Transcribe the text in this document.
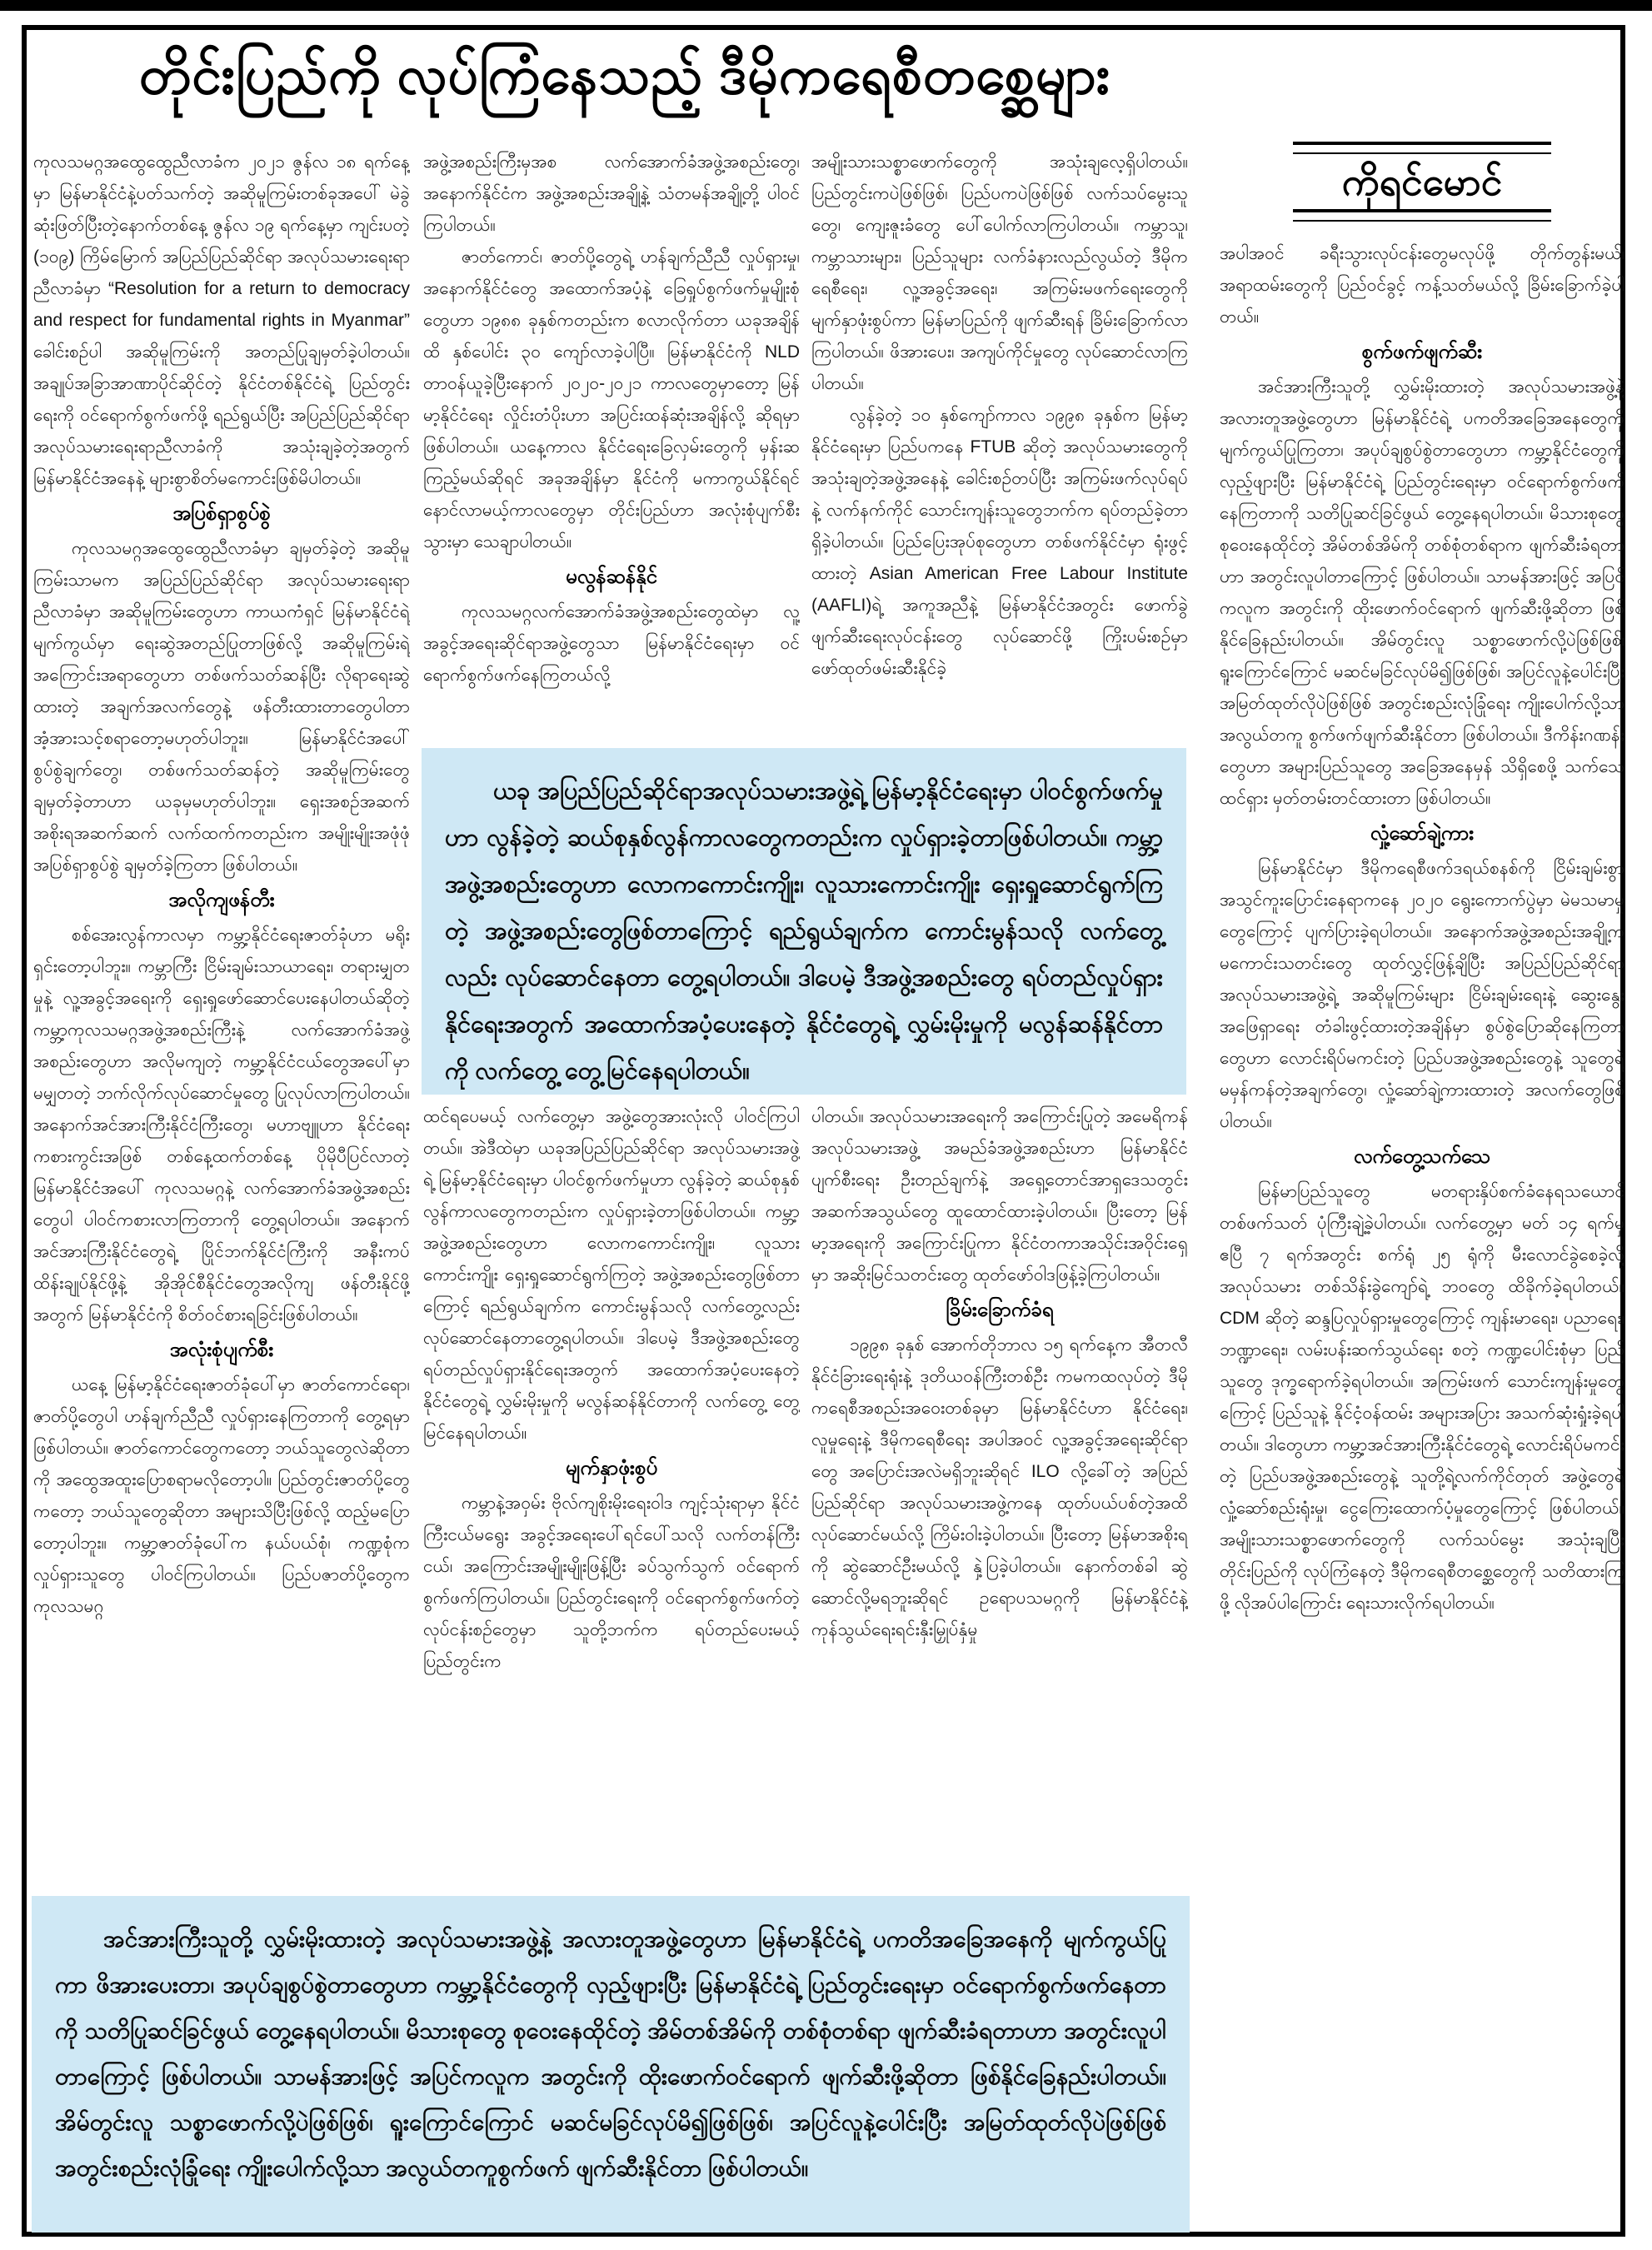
တိုင်းပြည်ကို လုပ်ကြံနေသည့် ဒီမိုကရေစီတစ္ဆေများ
ကုလသမဂ္ဂအထွေထွေညီလာခံက ၂၀၂၁ ဇွန်လ ၁၈ ရက်နေ့မှာ မြန်မာနိုင်ငံနဲ့ပတ်သက်တဲ့ အဆိုမူကြမ်းတစ်ခုအပေါ် မဲခွဲဆုံးဖြတ်ပြီးတဲ့နောက်တစ်နေ့ ဇွန်လ ၁၉ ရက်နေ့မှာ ကျင်းပတဲ့ (၁၀၉) ကြိမ်မြောက် အပြည်ပြည်ဆိုင်ရာ အလုပ်သမားရေးရာညီလာခံမှာ “Resolution for a return to democracy and respect for fundamental rights in Myanmar” ခေါင်းစဉ်ပါ အဆိုမူကြမ်းကို အတည်ပြုချမှတ်ခဲ့ပါတယ်။ အချုပ်အခြာအာဏာပိုင်ဆိုင်တဲ့ နိုင်ငံတစ်နိုင်ငံရဲ့ ပြည်တွင်းရေးကို ဝင်ရောက်စွက်ဖက်ဖို့ ရည်ရွယ်ပြီး အပြည်ပြည်ဆိုင်ရာ အလုပ်သမားရေးရာညီလာခံကို အသုံးချခဲ့တဲ့အတွက် မြန်မာနိုင်ငံအနေနဲ့ များစွာစိတ်မကောင်းဖြစ်မိပါတယ်။
အပြစ်ရှာစွပ်စွဲ
ကုလသမဂ္ဂအထွေထွေညီလာခံမှာ ချမှတ်ခဲ့တဲ့ အဆိုမူကြမ်းသာမက အပြည်ပြည်ဆိုင်ရာ အလုပ်သမားရေးရာညီလာခံမှာ အဆိုမူကြမ်းတွေဟာ ကာယကံရှင် မြန်မာနိုင်ငံရဲ့မျက်ကွယ်မှာ ရေးဆွဲအတည်ပြုတာဖြစ်လို့ အဆိုမူကြမ်းရဲ့ အကြောင်းအရာတွေဟာ တစ်ဖက်သတ်ဆန်ပြီး လိုရာရေးဆွဲထားတဲ့ အချက်အလက်တွေနဲ့ ဖန်တီးထားတာတွေပါတာ အံ့အားသင့်စရာတော့မဟုတ်ပါဘူး။ မြန်မာနိုင်ငံအပေါ် စွပ်စွဲချက်တွေ၊ တစ်ဖက်သတ်ဆန်တဲ့ အဆိုမူကြမ်းတွေ ချမှတ်ခဲ့တာဟာ ယခုမှမဟုတ်ပါဘူး။ ရှေးအစဉ်အဆက် အစိုးရအဆက်ဆက် လက်ထက်ကတည်းက အမျိုးမျိုးအဖုံဖုံ အပြစ်ရှာစွပ်စွဲ ချမှတ်ခဲ့ကြတာ ဖြစ်ပါတယ်။
အလိုကျဖန်တီး
စစ်အေးလွန်ကာလမှာ ကမ္ဘာ့နိုင်ငံရေးဇာတ်ခုံဟာ မရိုးရှင်းတော့ပါဘူး။ ကမ္ဘာကြီး ငြိမ်းချမ်းသာယာရေး၊ တရားမျှတမှုနဲ့ လူ့အခွင့်အရေးကို ရှေးရှုဖော်ဆောင်ပေးနေပါတယ်ဆိုတဲ့ ကမ္ဘာ့ကုလသမဂ္ဂအဖွဲ့အစည်းကြီးနဲ့ လက်အောက်ခံအဖွဲ့အစည်းတွေဟာ အလိုမကျတဲ့ ကမ္ဘာ့နိုင်ငံငယ်တွေအပေါ်မှာ မမျှတတဲ့ ဘက်လိုက်လုပ်ဆောင်မှုတွေ ပြုလုပ်လာကြပါတယ်။ အနောက်အင်အားကြီးနိုင်ငံကြီးတွေ၊ မဟာဗျူဟာ နိုင်ငံရေးကစားကွင်းအဖြစ် တစ်နေ့ထက်တစ်နေ့ ပိုမိုပီပြင်လာတဲ့ မြန်မာနိုင်ငံအပေါ် ကုလသမဂ္ဂနဲ့ လက်အောက်ခံအဖွဲ့အစည်းတွေပါ ပါဝင်ကစားလာကြတာကို တွေ့ရပါတယ်။ အနောက်အင်အားကြီးနိုင်ငံတွေရဲ့ ပြိုင်ဘက်နိုင်ငံကြီးကို အနီးကပ်ထိန်းချုပ်နိုင်ဖို့နဲ့ အိုအိုင်စီနိုင်ငံတွေအလိုကျ ဖန်တီးနိုင်ဖို့အတွက် မြန်မာနိုင်ငံကို စိတ်ဝင်စားရခြင်းဖြစ်ပါတယ်။
အလုံးစုံပျက်စီး
ယနေ့ မြန်မာ့နိုင်ငံရေးဇာတ်ခုံပေါ်မှာ ဇာတ်ကောင်ရော၊ ဇာတ်ပို့တွေပါ ဟန်ချက်ညီညီ လှုပ်ရှားနေကြတာကို တွေ့ရမှာဖြစ်ပါတယ်။ ဇာတ်ကောင်တွေကတော့ ဘယ်သူတွေလဲဆိုတာကို အထွေအထူးပြောစရာမလိုတော့ပါ။ ပြည်တွင်းဇာတ်ပို့တွေကတော့ ဘယ်သူတွေဆိုတာ အများသိပြီးဖြစ်လို့ ထည့်မပြောတော့ပါဘူး။ ကမ္ဘာ့ဇာတ်ခုံပေါ်က နယ်ပယ်စုံ၊ ကဏ္ဍစုံက လှုပ်ရှားသူတွေ ပါဝင်ကြပါတယ်။ ပြည်ပဇာတ်ပို့တွေက ကုလသမဂ္ဂ
အဖွဲ့အစည်းကြီးမှအစ လက်အောက်ခံအဖွဲ့အစည်းတွေ၊ အနောက်နိုင်ငံက အဖွဲ့အစည်းအချို့နဲ့ သံတမန်အချို့တို့ ပါဝင်ကြပါတယ်။
ဇာတ်ကောင်၊ ဇာတ်ပို့တွေရဲ့ ဟန်ချက်ညီညီ လှုပ်ရှားမှု၊ အနောက်နိုင်ငံတွေ အထောက်အပံ့နဲ့ ခြေရှုပ်စွက်ဖက်မှုမျိုးစုံတွေဟာ ၁၉၈၈ ခုနှစ်ကတည်းက စလာလိုက်တာ ယခုအချိန်ထိ နှစ်ပေါင်း ၃၀ ကျော်လာခဲ့ပါပြီ။ မြန်မာနိုင်ငံကို NLD တာဝန်ယူခဲ့ပြီးနောက် ၂၀၂၀-၂၀၂၁ ကာလတွေမှာတော့ မြန်မာ့နိုင်ငံရေး လှိုင်းတံပိုးဟာ အပြင်းထန်ဆုံးအချိန်လို့ ဆိုရမှာဖြစ်ပါတယ်။ ယနေ့ကာလ နိုင်ငံရေးခြေလှမ်းတွေကို မှန်းဆကြည့်မယ်ဆိုရင် အခုအချိန်မှာ နိုင်ငံကို မကာကွယ်နိုင်ရင် နောင်လာမယ့်ကာလတွေမှာ တိုင်းပြည်ဟာ အလုံးစုံပျက်စီးသွားမှာ သေချာပါတယ်။
မလွန်ဆန်နိုင်
ကုလသမဂ္ဂလက်အောက်ခံအဖွဲ့အစည်းတွေထဲမှာ လူ့အခွင့်အရေးဆိုင်ရာအဖွဲ့တွေသာ မြန်မာနိုင်ငံရေးမှာ ဝင်ရောက်စွက်ဖက်နေကြတယ်လို့
အမျိုးသားသစ္စာဖောက်တွေကို အသုံးချလေ့ရှိပါတယ်။ ပြည်တွင်းကပဲဖြစ်ဖြစ်၊ ပြည်ပကပဲဖြစ်ဖြစ် လက်သပ်မွေးသူတွေ၊ ကျေးဇူးခံတွေ ပေါ်ပေါက်လာကြပါတယ်။ ကမ္ဘာသူ၊ ကမ္ဘာသားများ၊ ပြည်သူများ လက်ခံနားလည်လွယ်တဲ့ ဒီမိုကရေစီရေး၊ လူ့အခွင့်အရေး၊ အကြမ်းမဖက်ရေးတွေကို မျက်နှာဖုံးစွပ်ကာ မြန်မာပြည်ကို ဖျက်ဆီးရန် ခြိမ်းခြောက်လာကြပါတယ်။ ဖိအားပေး၊ အကျပ်ကိုင်မှုတွေ လုပ်ဆောင်လာကြပါတယ်။
လွန်ခဲ့တဲ့ ၁၀ နှစ်ကျော်ကာလ ၁၉၉၈ ခုနှစ်က မြန်မာ့နိုင်ငံရေးမှာ ပြည်ပကနေ FTUB ဆိုတဲ့ အလုပ်သမားတွေကို အသုံးချတဲ့အဖွဲ့အနေနဲ့ ခေါင်းစဉ်တပ်ပြီး အကြမ်းဖက်လုပ်ရပ်နဲ့ လက်နက်ကိုင် သောင်းကျန်းသူတွေဘက်က ရပ်တည်ခဲ့တာ ရှိခဲ့ပါတယ်။ ပြည်ပြေးအုပ်စုတွေဟာ တစ်ဖက်နိုင်ငံမှာ ရုံးဖွင့်ထားတဲ့ Asian American Free Labour Institute (AAFLI)ရဲ့ အကူအညီနဲ့ မြန်မာနိုင်ငံအတွင်း ဖောက်ခွဲဖျက်ဆီးရေးလုပ်ငန်းတွေ လုပ်ဆောင်ဖို့ ကြိုးပမ်းစဉ်မှာ ဖော်ထုတ်ဖမ်းဆီးနိုင်ခဲ့
ထင်ရပေမယ့် လက်တွေ့မှာ အဖွဲ့တွေအားလုံးလို ပါဝင်ကြပါတယ်။ အဲဒီထဲမှာ ယခုအပြည်ပြည်ဆိုင်ရာ အလုပ်သမားအဖွဲ့ရဲ့ မြန်မာ့နိုင်ငံရေးမှာ ပါဝင်စွက်ဖက်မှုဟာ လွန်ခဲ့တဲ့ ဆယ်စုနှစ်လွန်ကာလတွေကတည်းက လှုပ်ရှားခဲ့တာဖြစ်ပါတယ်။ ကမ္ဘာ့အဖွဲ့အစည်းတွေဟာ လောကကောင်းကျိုး၊ လူသားကောင်းကျိုး ရှေးရှုဆောင်ရွက်ကြတဲ့ အဖွဲ့အစည်းတွေဖြစ်တာကြောင့် ရည်ရွယ်ချက်က ကောင်းမွန်သလို လက်တွေ့လည်း လုပ်ဆောင်နေတာတွေ့ရပါတယ်။ ဒါပေမဲ့ ဒီအဖွဲ့အစည်းတွေ ရပ်တည်လှုပ်ရှားနိုင်ရေးအတွက် အထောက်အပံ့ပေးနေတဲ့ နိုင်ငံတွေရဲ့ လွှမ်းမိုးမှုကို မလွန်ဆန်နိုင်တာကို လက်တွေ့ တွေ့မြင်နေရပါတယ်။
မျက်နှာဖုံးစွပ်
ကမ္ဘာနဲ့အဝှမ်း ဗိုလ်ကျစိုးမိုးရေးဝါဒ ကျင့်သုံးရာမှာ နိုင်ငံကြီးငယ်မရွေး အခွင့်အရေးပေါ်ရင်ပေါ်သလို လက်တန်ကြီးငယ်၊ အကြောင်းအမျိုးမျိုးဖြန့်ပြီး ခပ်သွက်သွက် ဝင်ရောက်စွက်ဖက်ကြပါတယ်။ ပြည်တွင်းရေးကို ဝင်ရောက်စွက်ဖက်တဲ့ လုပ်ငန်းစဉ်တွေမှာ သူတို့ဘက်က ရပ်တည်ပေးမယ့် ပြည်တွင်းက
ပါတယ်။ အလုပ်သမားအရေးကို အကြောင်းပြုတဲ့ အမေရိကန်အလုပ်သမားအဖွဲ့ အမည်ခံအဖွဲ့အစည်းဟာ မြန်မာနိုင်ငံပျက်စီးရေး ဦးတည်ချက်နဲ့ အရှေ့တောင်အာရှဒေသတွင်း အဆက်အသွယ်တွေ ထူထောင်ထားခဲ့ပါတယ်။ ပြီးတော့ မြန်မာ့အရေးကို အကြောင်းပြုကာ နိုင်ငံတကာအသိုင်းအဝိုင်းရှေ့မှာ အဆိုးမြင်သတင်းတွေ ထုတ်ဖော်ဝါဒဖြန့်ခဲ့ကြပါတယ်။
ခြိမ်းခြောက်ခံရ
၁၉၉၈ ခုနှစ် အောက်တိုဘာလ ၁၅ ရက်နေ့က အီတလီနိုင်ငံခြားရေးရုံးနဲ့ ဒုတိယဝန်ကြီးတစ်ဦး ကမကထလုပ်တဲ့ ဒီမိုကရေစီအစည်းအဝေးတစ်ခုမှာ မြန်မာနိုင်ငံဟာ နိုင်ငံရေး၊ လူမှုရေးနဲ့ ဒီမိုကရေစီရေး အပါအဝင် လူ့အခွင့်အရေးဆိုင်ရာတွေ အပြောင်းအလဲမရှိဘူးဆိုရင် ILO လို့ခေါ်တဲ့ အပြည်ပြည်ဆိုင်ရာ အလုပ်သမားအဖွဲ့ကနေ ထုတ်ပယ်ပစ်တဲ့အထိ လုပ်ဆောင်မယ်လို့ ကြိမ်းဝါးခဲ့ပါတယ်။ ပြီးတော့ မြန်မာအစိုးရကို ဆွဲဆောင်ဦးမယ်လို့ နှဲ့ပြခဲ့ပါတယ်။ နောက်တစ်ခါ ဆွဲဆောင်လို့မရဘူးဆိုရင် ဥရောပသမဂ္ဂကို မြန်မာနိုင်ငံနဲ့ ကုန်သွယ်ရေးရင်းနှီးမြှုပ်နှံမှု
ကိုရင်မောင်
အပါအဝင် ခရီးသွားလုပ်ငန်းတွေမလုပ်ဖို့ တိုက်တွန်းမယ်၊ အရာထမ်းတွေကို ပြည်ဝင်ခွင့် ကန့်သတ်မယ်လို့ ခြိမ်းခြောက်ခဲ့ပါတယ်။
စွက်ဖက်ဖျက်ဆီး
အင်အားကြီးသူတို့ လွှမ်းမိုးထားတဲ့ အလုပ်သမားအဖွဲ့နဲ့ အလားတူအဖွဲ့တွေဟာ မြန်မာနိုင်ငံရဲ့ ပကတိအခြေအနေတွေကို မျက်ကွယ်ပြုကြတာ၊ အပုပ်ချစွပ်စွဲတာတွေဟာ ကမ္ဘာ့နိုင်ငံတွေကို လှည့်ဖျားပြီး မြန်မာနိုင်ငံရဲ့ ပြည်တွင်းရေးမှာ ဝင်ရောက်စွက်ဖက်နေကြတာကို သတိပြုဆင်ခြင်ဖွယ် တွေ့နေရပါတယ်။ မိသားစုတွေ စုဝေးနေထိုင်တဲ့ အိမ်တစ်အိမ်ကို တစ်စုံတစ်ရာက ဖျက်ဆီးခံရတာဟာ အတွင်းလူပါတာကြောင့် ဖြစ်ပါတယ်။ သာမန်အားဖြင့် အပြင်ကလူက အတွင်းကို ထိုးဖောက်ဝင်ရောက် ဖျက်ဆီးဖို့ဆိုတာ ဖြစ်နိုင်ခြေနည်းပါတယ်။ အိမ်တွင်းလူ သစ္စာဖောက်လို့ပဲဖြစ်ဖြစ်၊ ရူးကြောင်ကြောင် မဆင်မခြင်လုပ်မိ၍ဖြစ်ဖြစ်၊ အပြင်လူနဲ့ပေါင်းပြီး အမြတ်ထုတ်လိုပဲဖြစ်ဖြစ် အတွင်းစည်းလုံခြုံရေး ကျိုးပေါက်လို့သာ အလွယ်တကူ စွက်ဖက်ဖျက်ဆီးနိုင်တာ ဖြစ်ပါတယ်။ ဒီကိန်းဂဏန်းတွေဟာ အများပြည်သူတွေ အခြေအနေမှန် သိရှိစေဖို့ သက်သေထင်ရှား မှတ်တမ်းတင်ထားတာ ဖြစ်ပါတယ်။
လှုံ့ဆော်ချဲ့ကား
မြန်မာနိုင်ငံမှာ ဒီမိုကရေစီဖက်ဒရယ်စနစ်ကို ငြိမ်းချမ်းစွာ အသွင်ကူးပြောင်းနေရာကနေ ၂၀၂၀ ရွေးကောက်ပွဲမှာ မဲမသမာမှုတွေကြောင့် ပျက်ပြားခဲ့ရပါတယ်။ အနောက်အဖွဲ့အစည်းအချို့က မကောင်းသတင်းတွေ ထုတ်လွှင့်ဖြန့်ချိပြီး အပြည်ပြည်ဆိုင်ရာ အလုပ်သမားအဖွဲ့ရဲ့ အဆိုမူကြမ်းများ ငြိမ်းချမ်းရေးနဲ့ ဆွေးနွေးအဖြေရှာရေး တံခါးဖွင့်ထားတဲ့အချိန်မှာ စွပ်စွဲပြောဆိုနေကြတာတွေဟာ လောင်းရိပ်မကင်းတဲ့ ပြည်ပအဖွဲ့အစည်းတွေနဲ့ သူတွေရဲ့ မမှန်ကန်တဲ့အချက်တွေ၊ လှုံ့ဆော်ချဲ့ကားထားတဲ့ အလက်တွေဖြစ်ပါတယ်။
လက်တွေ့သက်သေ
မြန်မာပြည်သူတွေ မတရားနှိပ်စက်ခံနေရသယောင် တစ်ဖက်သတ် ပုံကြီးချဲ့ခဲ့ပါတယ်။ လက်တွေ့မှာ မတ် ၁၄ ရက်မှ ဧပြီ ၇ ရက်အတွင်း စက်ရုံ ၂၅ ရုံကို မီးလောင်ခွဲစေခဲ့လို့ အလုပ်သမား တစ်သိန်းခွဲကျော်ရဲ့ ဘဝတွေ ထိခိုက်ခဲ့ရပါတယ်။ CDM ဆိုတဲ့ ဆန္ဒပြလှုပ်ရှားမှုတွေကြောင့် ကျန်းမာရေး၊ ပညာရေး၊ ဘဏ္ဍာရေး၊ လမ်းပန်းဆက်သွယ်ရေး စတဲ့ ကဏ္ဍပေါင်းစုံမှာ ပြည်သူတွေ ဒုက္ခရောက်ခဲ့ရပါတယ်။ အကြမ်းဖက် သောင်းကျန်းမှုတွေကြောင့် ပြည်သူနဲ့ နိုင်ငံ့ဝန်ထမ်း အများအပြား အသက်ဆုံးရှုံးခဲ့ရပါတယ်။ ဒါတွေဟာ ကမ္ဘာ့အင်အားကြီးနိုင်ငံတွေရဲ့ လောင်းရိပ်မကင်းတဲ့ ပြည်ပအဖွဲ့အစည်းတွေနဲ့ သူတို့ရဲ့လက်ကိုင်တုတ် အဖွဲ့တွေရဲ့ လှုံ့ဆော်စည်းရုံးမှု၊ ငွေကြေးထောက်ပံ့မှုတွေကြောင့် ဖြစ်ပါတယ်။ အမျိုးသားသစ္စာဖောက်တွေကို လက်သပ်မွေး အသုံးချပြီး တိုင်းပြည်ကို လုပ်ကြံနေတဲ့ ဒီမိုကရေစီတစ္ဆေတွေကို သတိထားကြဖို့ လိုအပ်ပါကြောင်း ရေးသားလိုက်ရပါတယ်။
ယခု အပြည်ပြည်ဆိုင်ရာအလုပ်သမားအဖွဲ့ရဲ့ မြန်မာ့နိုင်ငံရေးမှာ ပါဝင်စွက်ဖက်မှုဟာ လွန်ခဲ့တဲ့ ဆယ်စုနှစ်လွန်ကာလတွေကတည်းက လှုပ်ရှားခဲ့တာဖြစ်ပါတယ်။ ကမ္ဘာ့အဖွဲ့အစည်းတွေဟာ လောကကောင်းကျိုး၊ လူသားကောင်းကျိုး ရှေးရှုဆောင်ရွက်ကြတဲ့ အဖွဲ့အစည်းတွေဖြစ်တာကြောင့် ရည်ရွယ်ချက်က ကောင်းမွန်သလို လက်တွေ့လည်း လုပ်ဆောင်နေတာ တွေ့ရပါတယ်။ ဒါပေမဲ့ ဒီအဖွဲ့အစည်းတွေ ရပ်တည်လှုပ်ရှားနိုင်ရေးအတွက် အထောက်အပံ့ပေးနေတဲ့ နိုင်ငံတွေရဲ့ လွှမ်းမိုးမှုကို မလွန်ဆန်နိုင်တာကို လက်တွေ့ တွေ့မြင်နေရပါတယ်။
အင်အားကြီးသူတို့ လွှမ်းမိုးထားတဲ့ အလုပ်သမားအဖွဲ့နဲ့ အလားတူအဖွဲ့တွေဟာ မြန်မာနိုင်ငံရဲ့ ပကတိအခြေအနေကို မျက်ကွယ်ပြုကာ ဖိအားပေးတာ၊ အပုပ်ချစွပ်စွဲတာတွေဟာ ကမ္ဘာ့နိုင်ငံတွေကို လှည့်ဖျားပြီး မြန်မာနိုင်ငံရဲ့ ပြည်တွင်းရေးမှာ ဝင်ရောက်စွက်ဖက်နေတာကို သတိပြုဆင်ခြင်ဖွယ် တွေ့နေရပါတယ်။ မိသားစုတွေ စုဝေးနေထိုင်တဲ့ အိမ်တစ်အိမ်ကို တစ်စုံတစ်ရာ ဖျက်ဆီးခံရတာဟာ အတွင်းလူပါတာကြောင့် ဖြစ်ပါတယ်။ သာမန်အားဖြင့် အပြင်ကလူက အတွင်းကို ထိုးဖောက်ဝင်ရောက် ဖျက်ဆီးဖို့ဆိုတာ ဖြစ်နိုင်ခြေနည်းပါတယ်။ အိမ်တွင်းလူ သစ္စာဖောက်လို့ပဲဖြစ်ဖြစ်၊ ရူးကြောင်ကြောင် မဆင်မခြင်လုပ်မိ၍ဖြစ်ဖြစ်၊ အပြင်လူနဲ့ပေါင်းပြီး အမြတ်ထုတ်လိုပဲဖြစ်ဖြစ် အတွင်းစည်းလုံခြုံရေး ကျိုးပေါက်လို့သာ အလွယ်တကူစွက်ဖက် ဖျက်ဆီးနိုင်တာ ဖြစ်ပါတယ်။
